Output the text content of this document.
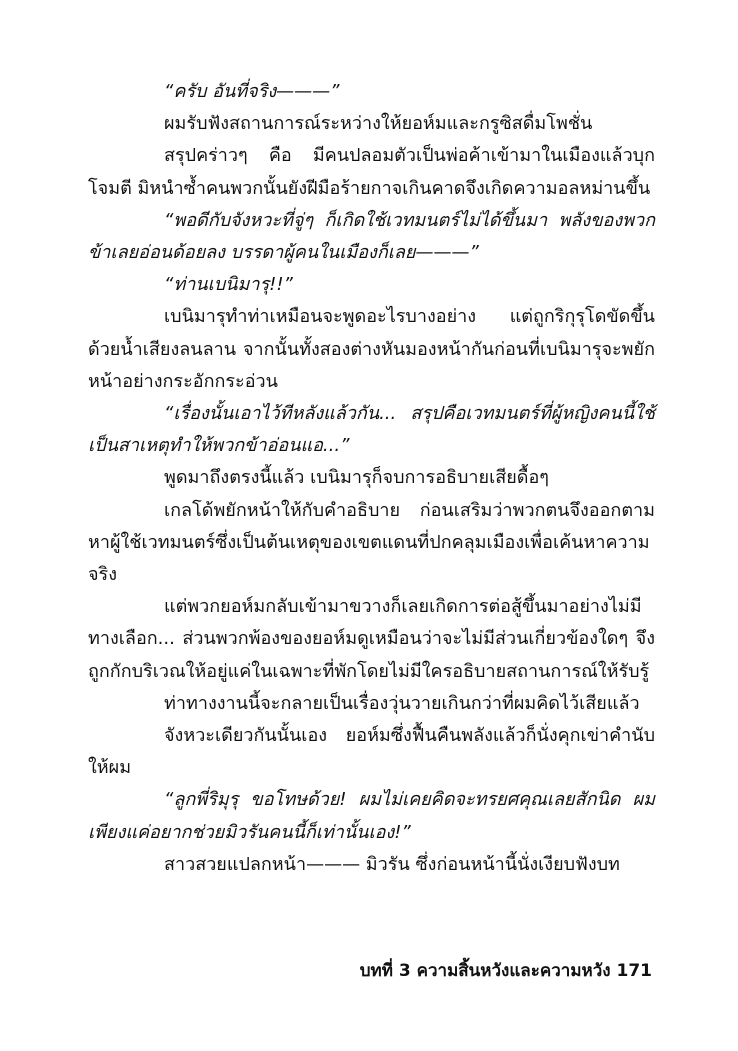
“ครับ อันที่จริง———”

ผมรับฟังสถานการณ์ระหว่างให้ยอห์มและกรูซิสดื่มโพชั่น

สรุปคร่าวๆ คือ มีคนปลอมตัวเป็นพ่อค้าเข้ามาในเมืองแล้วบุกโจมตี มิหนำซ้ำคนพวกนั้นยังฝีมือร้ายกาจเกินคาดจึงเกิดความอลหม่านขึ้น

“พอดีกับจังหวะที่จู่ๆ ก็เกิดใช้เวทมนตร์ไม่ได้ขึ้นมา พลังของพวกข้าเลยอ่อนด้อยลง บรรดาผู้คนในเมืองก็เลย———”

“ท่านเบนิมารุ!!”

เบนิมารุทำท่าเหมือนจะพูดอะไรบางอย่าง แต่ถูกริกุรุโดขัดขึ้นด้วยน้ำเสียงลนลาน จากนั้นทั้งสองต่างหันมองหน้ากันก่อนที่เบนิมารุจะพยักหน้าอย่างกระอักกระอ่วน

“เรื่องนั้นเอาไว้ทีหลังแล้วกัน... สรุปคือเวทมนตร์ที่ผู้หญิงคนนี้ใช้เป็นสาเหตุทำให้พวกข้าอ่อนแอ...”

พูดมาถึงตรงนี้แล้ว เบนิมารุก็จบการอธิบายเสียดื้อๆ

เกลโด้พยักหน้าให้กับคำอธิบาย ก่อนเสริมว่าพวกตนจึงออกตามหาผู้ใช้เวทมนตร์ซึ่งเป็นต้นเหตุของเขตแดนที่ปกคลุมเมืองเพื่อเค้นหาความจริง

แต่พวกยอห์มกลับเข้ามาขวางก็เลยเกิดการต่อสู้ขึ้นมาอย่างไม่มีทางเลือก... ส่วนพวกพ้องของยอห์มดูเหมือนว่าจะไม่มีส่วนเกี่ยวข้องใดๆ จึงถูกกักบริเวณให้อยู่แค่ในเฉพาะที่พักโดยไม่มีใครอธิบายสถานการณ์ให้รับรู้

ท่าทางงานนี้จะกลายเป็นเรื่องวุ่นวายเกินกว่าที่ผมคิดไว้เสียแล้ว

จังหวะเดียวกันนั้นเอง ยอห์มซึ่งฟื้นคืนพลังแล้วก็นั่งคุกเข่าคำนับให้ผม

“ลูกพี่ริมุรุ ขอโทษด้วย! ผมไม่เคยคิดจะทรยศคุณเลยสักนิด ผมเพียงแค่อยากช่วยมิวรันคนนี้ก็เท่านั้นเอง!”

สาวสวยแปลกหน้า——— มิวรัน ซึ่งก่อนหน้านี้นั่งเงียบฟังบท

บทที่ 3 ความสิ้นหวังและความหวัง 171
